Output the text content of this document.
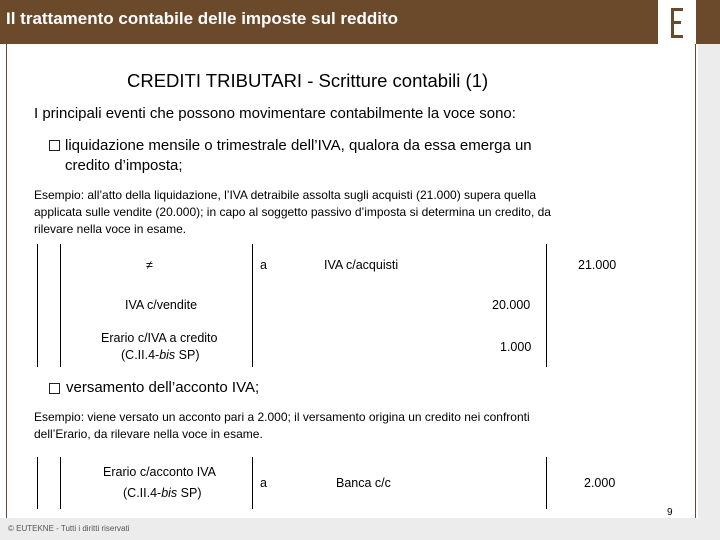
Il trattamento contabile delle imposte sul reddito
CREDITI TRIBUTARI - Scritture contabili (1)
I principali eventi che possono movimentare contabilmente la voce sono:
liquidazione mensile o trimestrale dell’IVA, qualora da essa emerga un
credito d’imposta;
Esempio: all’atto della liquidazione, l’IVA detraibile assolta sugli acquisti (21.000) supera quella
applicata sulle vendite (20.000); in capo al soggetto passivo d’imposta si determina un credito, da
rilevare nella voce in esame.
≠	a	IVA c/acquisti	21.000
IVA c/vendite	20.000
Erario c/IVA a credito
(C.II.4-bis SP)
1.000
versamento dell’acconto IVA;
Esempio: viene versato un acconto pari a 2.000; il versamento origina un credito nei confronti
dell’Erario, da rilevare nella voce in esame.
Erario c/acconto IVA
(C.II.4-bis SP)
a	Banca c/c	2.000
9
© EUTEKNE - Tutti i diritti riservati
